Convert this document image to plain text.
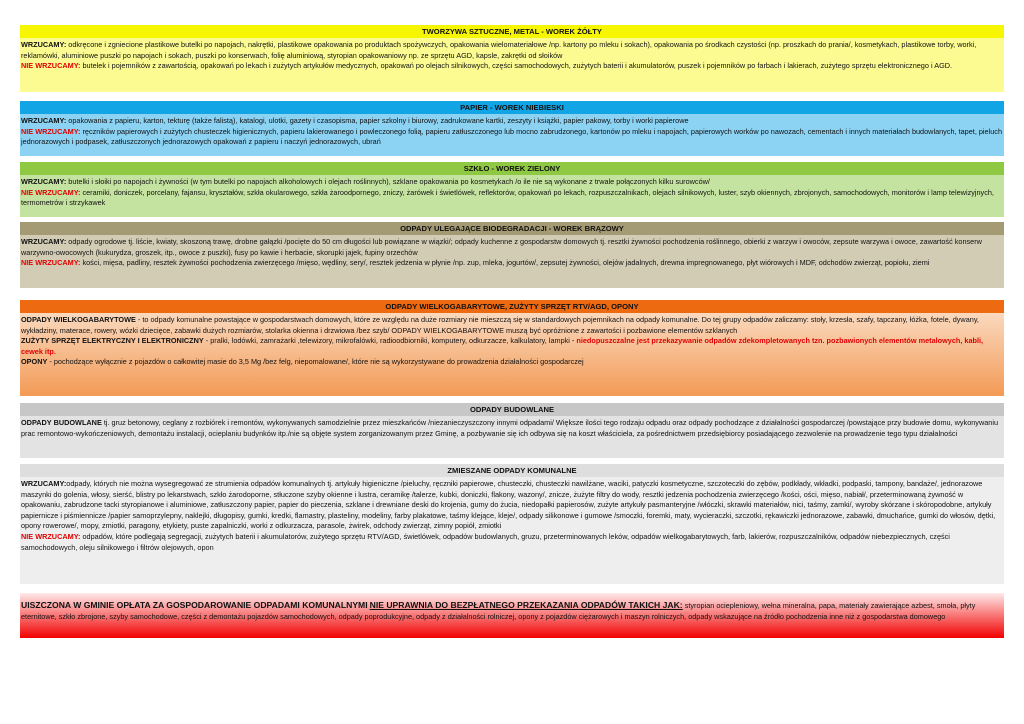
TWORZYWA SZTUCZNE, METAL - WOREK ŻÓŁTY
WRZUCAMY: odkręcone i zgniecione plastikowe butelki po napojach, nakrętki, plastikowe opakowania po produktach spożywczych, opakowania wielomateriałowe /np. kartony po mleku i sokach), opakowania po środkach czystości (np. proszkach do prania/, kosmetykach, plastikowe torby, worki, reklamówki, aluminiowe puszki po napojach i sokach, puszki po konserwach, folię aluminiową, styropian opakowaniowy np. ze sprzętu AGD, kapsle, zakrętki od słoików
NIE WRZUCAMY: butelek i pojemników z zawartością, opakowań po lekach i zużytych artykułów medycznych, opakowań po olejach silnikowych, części samochodowych, zużytych baterii i akumulatorów, puszek i pojemników po farbach i lakierach, zużytego sprzętu elektronicznego i AGD.
PAPIER - WOREK NIEBIESKI
WRZUCAMY: opakowania z papieru, karton, tekturę (także falistą), katalogi, ulotki, gazety i czasopisma, papier szkolny i biurowy, zadrukowane kartki, zeszyty i książki, papier pakowy, torby i worki papierowe
NIE WRZUCAMY: ręczników papierowych i zużytych chusteczek higienicznych, papieru lakierowanego i powleczonego folią, papieru zatłuszczonego lub mocno zabrudzonego, kartonów po mleku i napojach, papierowych worków po nawozach, cementach i innych materiałach budowlanych, tapet, pieluch jednorazowych i podpasek, zatłuszczonych jednorazowych opakowań z papieru i naczyń jednorazowych, ubrań
SZKŁO - WOREK ZIELONY
WRZUCAMY: butelki i słoiki po napojach i żywności (w tym butelki po napojach alkoholowych i olejach roślinnych), szklane opakowania po kosmetykach /o ile nie są wykonane z trwale połączonych kilku surowców/
NIE WRZUCAMY: ceramiki, doniczek, porcelany, fajansu, kryształów, szkła okularowego, szkła żaroodpornego, zniczy, żarówek i świetlówek, reflektorów, opakowań po lekach, rozpuszczalnikach, olejach silnikowych, luster, szyb okiennych, zbrojonych, samochodowych, monitorów i lamp telewizyjnych, termometrów i strzykawek
ODPADY ULEGAJĄCE BIODEGRADACJI - WOREK BRĄZOWY
WRZUCAMY: odpady ogrodowe tj. liście, kwiaty, skoszoną trawę, drobne gałązki /pocięte do 50 cm długości lub powiązane w wiązki/; odpady kuchenne z gospodarstw domowych tj. resztki żywności pochodzenia roślinnego, obierki z warzyw i owoców, zepsute warzywa i owoce, zawartość konserw warzywno-owocowych (kukurydza, groszek, itp., owoce z puszki), fusy po kawie i herbacie, skorupki jajek, fupiny orzechów
NIE WRZUCAMY: kości, mięsa, padliny, resztek żywności pochodzenia zwierzęcego /mięso, wędliny, sery/, resztek jedzenia w płynie /np. zup, mleka, jogurtów/, zepsutej żywności, olejów jadalnych, drewna impregnowanego, płyt wiórowych i MDF, odchodów zwierząt, popiołu, ziemi
ODPADY WIELKOGABARYTOWE, ZUŻYTY SPRZĘT RTV/AGD, OPONY
ODPADY WIELKOGABARYTOWE - to odpady komunalne powstające w gospodarstwach domowych, które ze względu na duże rozmiary nie mieszczą się w standardowych pojemnikach na odpady komunalne. Do tej grupy odpadów zaliczamy: stoły, krzesła, szafy, tapczany, łóżka, fotele, dywany, wykładziny, materace, rowery, wózki dziecięce, zabawki dużych rozmiarów, stolarka okienna i drzwiowa /bez szyb/ ODPADY WIELKOGABARYTOWE muszą być opróżnione z zawartości i pozbawione elementów szklanych
ZUŻYTY SPRZĘT ELEKTRYCZNY I ELEKTRONICZNY - pralki, lodówki, zamrażarki ,telewizory, mikrofalówki, radioodbiorniki, komputery, odkurzacze, kalkulatory, lampki - niedopuszczalne jest przekazywanie odpadów zdekompletowanych tzn. pozbawionych elementów metalowych, kabli, cewek itp.
OPONY - pochodzące wyłącznie z pojazdów o całkowitej masie do 3,5 Mg /bez felg, niepomalowane/, które nie są wykorzystywane do prowadzenia działalności gospodarczej
ODPADY BUDOWLANE
ODPADY BUDOWLANE tj. gruz betonowy, ceglany z rozbiórek i remontów, wykonywanych samodzielnie przez mieszkańców /niezanieczyszczony innymi odpadami/ Większe ilości tego rodzaju odpadu oraz odpady pochodzące z działalności gospodarczej /powstające przy budowie domu, wykonywaniu prac remontowo-wykończeniowych, demontażu instalacji, ocieplaniu budynków itp./nie są objęte system zorganizowanym przez Gminę, a pozbywanie się ich odbywa się na koszt właściciela, za pośrednictwem przedsiębiorcy posiadającego zezwolenie na prowadzenie tego typu działalności
ZMIESZANE ODPADY KOMUNALNE
WRZUCAMY:odpady, których nie można wysegregować ze strumienia odpadów komunalnych tj. artykuły higieniczne /pieluchy, ręczniki papierowe, chusteczki, chusteczki nawilżane, waciki, patyczki kosmetyczne, szczoteczki do zębów, podkłady, wkładki, podpaski, tampony, bandaże/, jednorazowe maszynki do golenia, włosy, sierść, blistry po lekarstwach, szkło żarodoporne, stłuczone szyby okienne i lustra, ceramikę /talerze, kubki, doniczki, flakony, wazony/, znicze, żużyte filtry do wody, resztki jedzenia pochodzenia zwierzęcego /kości, ości, mięso, nabiał/, przeterminowaną żywność w opakowaniu, zabrudzone tacki styropianowe i aluminiowe, zatłuszczony papier, papier do pieczenia, szklane i drewniane deski do krojenia, gumy do żucia, niedopałki papierosów, zużyte artykuły pasmanteryjne /włóczki, skrawki materiałów, nici, taśmy, zamki/, wyroby skórzane i skóropodobne, artykuły papiernicze i piśmiennicze /papier samoprzylepny, naklejki, długopisy, gumki, kredki, flamastry, plasteliny, modeliny, farby plakatowe, taśmy klejące, kleje/, odpady silikonowe i gumowe /smoczki, foremki, maty, wycieraczki, szczotki, rękawiczki jednorazowe, zabawki, dmuchańce, gumki do włosów, dętki, opony rowerowe/, mopy, zmiotki, paragony, etykiety, puste zapalniczki, worki z odkurzacza, parasole, żwirek, odchody zwierząt, zimny popiół, zmiotki
NIE WRZUCAMY: odpadów, które podlegają segregacji, zużytych baterii i akumulatorów, zużytego sprzętu RTV/AGD, świetlówek, odpadów budowlanych, gruzu, przeterminowanych leków, odpadów wielkogabarytowych, farb, lakierów, rozpuszczalników, odpadów niebezpiecznych, części samochodowych, oleju silnikowego i filtrów olejowych, opon
UISZCZONA W GMINIE OPŁATA ZA GOSPODAROWANIE ODPADAMI KOMUNALNYMI NIE UPRAWNIA DO BEZPŁATNEGO PRZEKAZANIA ODPADÓW TAKICH JAK: styropian ociepleniowy, wełna mineralna, papa, materiały zawierające azbest, smoła, płyty eternitowe, szkło zbrojone, szyby samochodowe, części z demontażu pojazdów samochodowych, odpady poprodukcyjne, odpady z działalności rolniczej, opony z pojazdów ciężarowych i maszyn rolniczych, odpady wskazujące na źródło pochodzenia inne niż z gospodarstwa domowego
